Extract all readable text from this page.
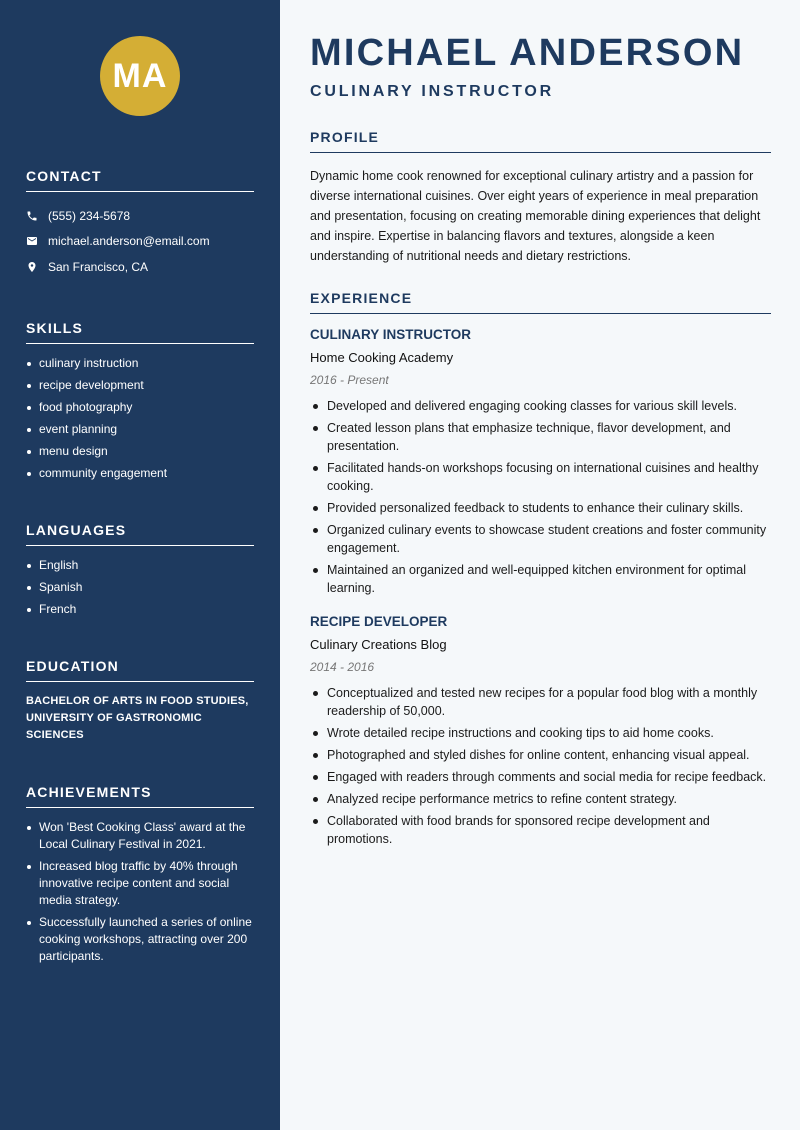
MA
CONTACT
(555) 234-5678
michael.anderson@email.com
San Francisco, CA
SKILLS
culinary instruction
recipe development
food photography
event planning
menu design
community engagement
LANGUAGES
English
Spanish
French
EDUCATION

BACHELOR OF ARTS IN FOOD STUDIES, UNIVERSITY OF GASTRONOMIC SCIENCES

ACHIEVEMENTS
Won 'Best Cooking Class' award at the Local Culinary Festival in 2021.
Increased blog traffic by 40% through innovative recipe content and social media strategy.
Successfully launched a series of online cooking workshops, attracting over 200 participants.
MICHAEL ANDERSON
CULINARY INSTRUCTOR
PROFILE

Dynamic home cook renowned for exceptional culinary artistry and a passion for diverse international cuisines. Over eight years of experience in meal preparation and presentation, focusing on creating memorable dining experiences that delight and inspire. Expertise in balancing flavors and textures, alongside a keen understanding of nutritional needs and dietary restrictions.

EXPERIENCE
CULINARY INSTRUCTOR
Home Cooking Academy
2016 - Present
Developed and delivered engaging cooking classes for various skill levels.
Created lesson plans that emphasize technique, flavor development, and presentation.
Facilitated hands-on workshops focusing on international cuisines and healthy cooking.
Provided personalized feedback to students to enhance their culinary skills.
Organized culinary events to showcase student creations and foster community engagement.
Maintained an organized and well-equipped kitchen environment for optimal learning.
RECIPE DEVELOPER
Culinary Creations Blog
2014 - 2016
Conceptualized and tested new recipes for a popular food blog with a monthly readership of 50,000.
Wrote detailed recipe instructions and cooking tips to aid home cooks.
Photographed and styled dishes for online content, enhancing visual appeal.
Engaged with readers through comments and social media for recipe feedback.
Analyzed recipe performance metrics to refine content strategy.
Collaborated with food brands for sponsored recipe development and promotions.
